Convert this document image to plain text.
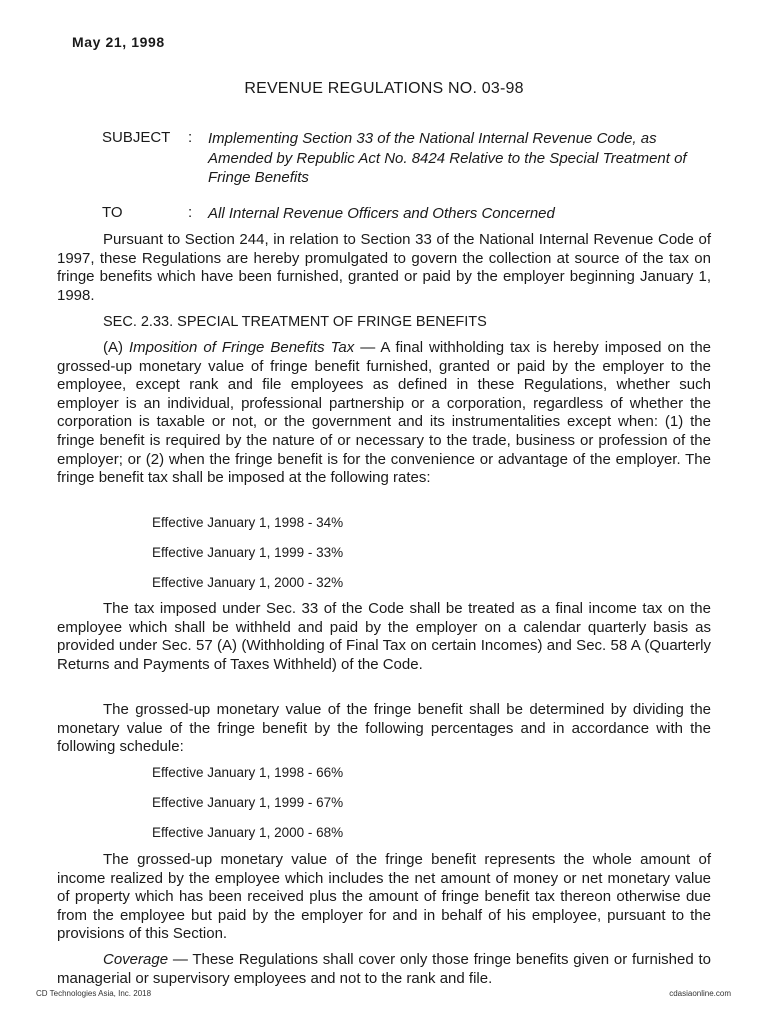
May 21, 1998
REVENUE REGULATIONS NO. 03-98
SUBJECT : Implementing Section 33 of the National Internal Revenue Code, as Amended by Republic Act No. 8424 Relative to the Special Treatment of Fringe Benefits
TO	: All Internal Revenue Officers and Others Concerned

Pursuant to Section 244, in relation to Section 33 of the National Internal Revenue Code of 1997, these Regulations are hereby promulgated to govern the collection at source of the tax on fringe benefits which have been furnished, granted or paid by the employer beginning January 1, 1998.

SEC. 2.33. SPECIAL TREATMENT OF FRINGE BENEFITS

(A) Imposition of Fringe Benefits Tax — A final withholding tax is hereby imposed on the grossed-up monetary value of fringe benefit furnished, granted or paid by the employer to the employee, except rank and file employees as defined in these Regulations, whether such employer is an individual, professional partnership or a corporation, regardless of whether the corporation is taxable or not, or the government and its instrumentalities except when: (1) the fringe benefit is required by the nature of or necessary to the trade, business or profession of the employer; or (2) when the fringe benefit is for the convenience or advantage of the employer. The fringe benefit tax shall be imposed at the following rates:

Effective January 1, 1998 - 34%
Effective January 1, 1999 - 33%
Effective January 1, 2000 - 32%

The tax imposed under Sec. 33 of the Code shall be treated as a final income tax on the employee which shall be withheld and paid by the employer on a calendar quarterly basis as provided under Sec. 57 (A) (Withholding of Final Tax on certain Incomes) and Sec. 58 A (Quarterly Returns and Payments of Taxes Withheld) of the Code.

The grossed-up monetary value of the fringe benefit shall be determined by dividing the monetary value of the fringe benefit by the following percentages and in accordance with the following schedule:

Effective January 1, 1998 - 66%
Effective January 1, 1999 - 67%
Effective January 1, 2000 - 68%

The grossed-up monetary value of the fringe benefit represents the whole amount of income realized by the employee which includes the net amount of money or net monetary value of property which has been received plus the amount of fringe benefit tax thereon otherwise due from the employee but paid by the employer for and in behalf of his employee, pursuant to the provisions of this Section.

Coverage — These Regulations shall cover only those fringe benefits given or furnished to managerial or supervisory employees and not to the rank and file.

CD Technologies Asia, Inc. 2018	cdasiaonline.com
